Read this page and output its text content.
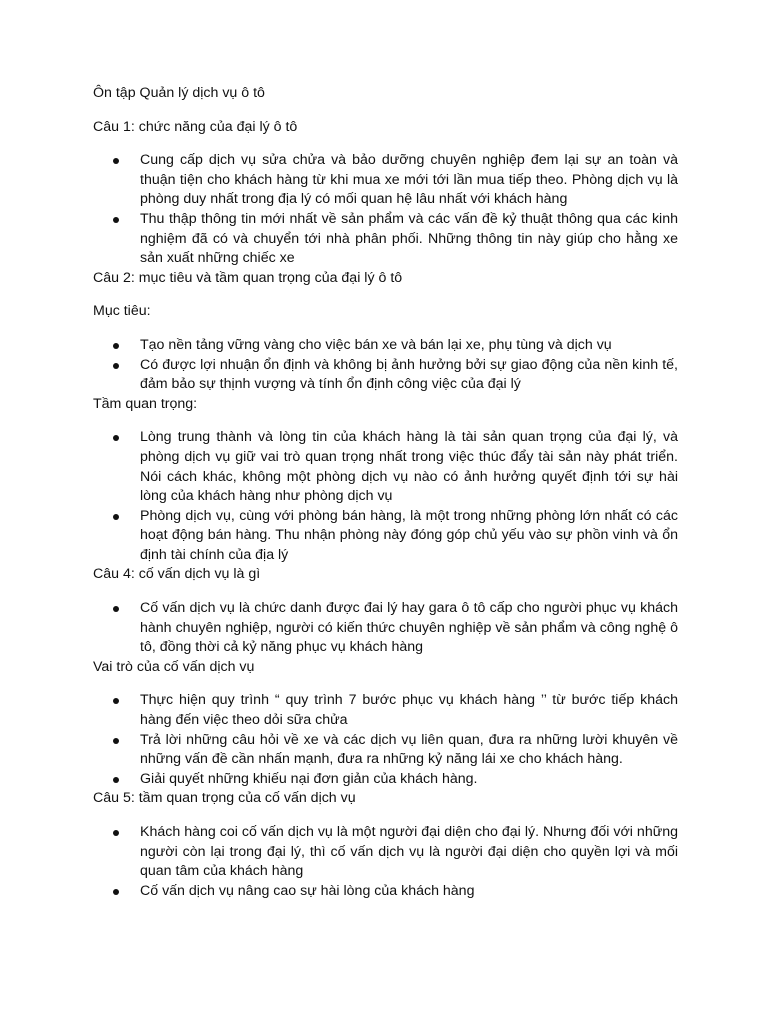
Ôn tập Quản lý dịch vụ ô tô

Câu 1: chức năng của đại lý ô tô

Cung cấp dịch vụ sửa chửa và bảo dưỡng chuyên nghiệp đem lại sự an toàn và thuận tiện cho khách hàng từ khi mua xe mới tới lần mua tiếp theo. Phòng dịch vụ là phòng duy nhất trong địa lý có mối quan hệ lâu nhất với khách hàng
Thu thập thông tin mới nhất về sản phẩm và các vấn đề kỷ thuật thông qua các kinh nghiệm đã có và chuyển tới nhà phân phối. Những thông tin này giúp cho hằng xe sản xuất những chiếc xe

Câu 2: mục tiêu và tầm quan trọng của đại lý ô tô

Mục tiêu:

Tạo nền tảng vững vàng cho việc bán xe và bán lại xe, phụ tùng và dịch vụ
Có được lợi nhuận ổn định và không bị ảnh hưởng bởi sự giao động của nền kinh tế, đảm bảo sự thịnh vượng và tính ổn định công việc của đại lý

Tầm quan trọng:

Lòng trung thành và lòng tin của khách hàng là tài sản quan trọng của đại lý, và phòng dịch vụ giữ vai trò quan trọng nhất trong việc thúc đẩy tài sản này phát triển. Nói cách khác, không một phòng dịch vụ nào có ảnh hưởng quyết định tới sự hài lòng của khách hàng như phòng dịch vụ
Phòng dịch vụ, cùng với phòng bán hàng, là một trong những phòng lớn nhất có các hoạt động bán hàng. Thu nhận phòng này đóng góp chủ yếu vào sự phồn vinh và ổn định tài chính của địa lý

Câu 4: cố vấn dịch vụ là gì

Cố vấn dịch vụ là chức danh được đai lý hay gara ô tô cấp cho người phục vụ khách hành chuyên nghiệp, người có kiến thức chuyên nghiệp về sản phẩm và công nghệ ô tô, đồng thời cả kỷ năng phục vụ khách hàng

Vai trò của cố vấn dịch vụ

Thực hiện quy trình “ quy trình 7 bước phục vụ khách hàng ’’ từ bước tiếp khách hàng đến việc theo dỏi sữa chửa
Trả lời những câu hỏi về xe và các dịch vụ liên quan, đưa ra những lười khuyên về những vấn đề cần nhấn mạnh, đưa ra những kỷ năng lái xe cho khách hàng.
Giải quyết những khiếu nại đơn giản của khách hàng.

Câu 5: tầm quan trọng của cố vấn dịch vụ

Khách hàng coi cố vấn dịch vụ là một người đại diện cho đại lý. Nhưng đối với những người còn lại trong đại lý, thì cố vấn dịch vụ là người đại diện cho quyền lợi và mối quan tâm của khách hàng
Cố vấn dịch vụ nâng cao sự hài lòng của khách hàng
